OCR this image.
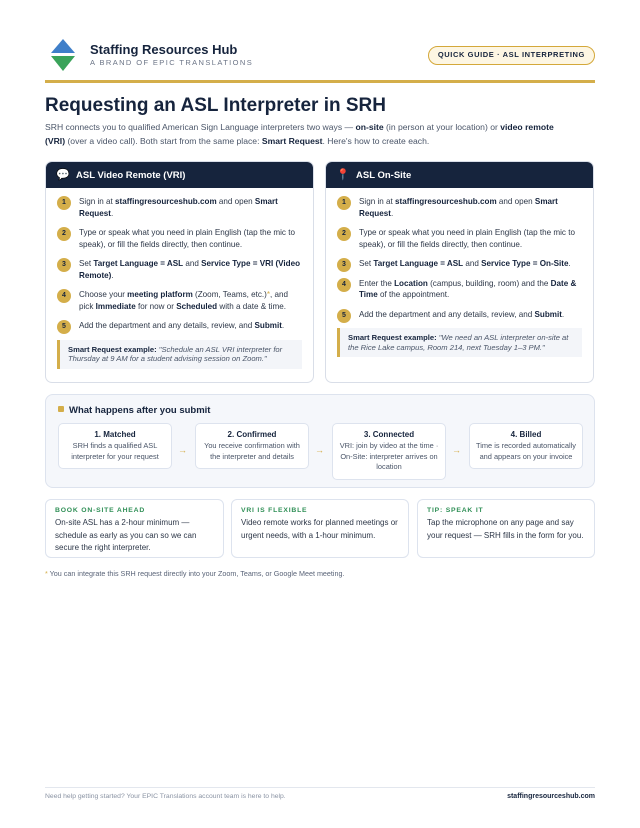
Staffing Resources Hub
A BRAND OF EPIC TRANSLATIONS
QUICK GUIDE · ASL INTERPRETING
Requesting an ASL Interpreter in SRH

SRH connects you to qualified American Sign Language interpreters two ways — on-site (in person at your location) or video remote (VRI) (over a video call). Both start from the same place: Smart Request. Here's how to create each.

💬 ASL Video Remote (VRI)
1	Sign in at staffingresourceshub.com and open Smart Request.
2	Type or speak what you need in plain English (tap the mic to speak), or fill the fields directly, then continue.
3	Set Target Language = ASL and Service Type = VRI (Video Remote).
4	Choose your meeting platform (Zoom, Teams, etc.)*, and pick Immediate for now or Scheduled with a date & time.
5	Add the department and any details, review, and Submit.
Smart Request example: "Schedule an ASL VRI interpreter for Thursday at 9 AM for a student advising session on Zoom."
📍 ASL On-Site
1	Sign in at staffingresourceshub.com and open Smart Request.
2	Type or speak what you need in plain English (tap the mic to speak), or fill the fields directly, then continue.
3	Set Target Language = ASL and Service Type = On-Site.
4	Enter the Location (campus, building, room) and the Date & Time of the appointment.
5	Add the department and any details, review, and Submit.
Smart Request example: "We need an ASL interpreter on-site at the Rice Lake campus, Room 214, next Tuesday 1–3 PM."
What happens after you submit
1. Matched
SRH finds a qualified ASL interpreter for your request
→
2. Confirmed
You receive confirmation with the interpreter and details
→
3. Connected
VRI: join by video at the time · On-Site: interpreter arrives on location
→
4. Billed
Time is recorded automatically and appears on your invoice
BOOK ON-SITE AHEAD
On-site ASL has a 2-hour minimum — schedule as early as you can so we can secure the right interpreter.
VRI IS FLEXIBLE
Video remote works for planned meetings or urgent needs, with a 1-hour minimum.
TIP: SPEAK IT
Tap the microphone on any page and say your request — SRH fills in the form for you.
* You can integrate this SRH request directly into your Zoom, Teams, or Google Meet meeting.
Need help getting started? Your EPIC Translations account team is here to help.	staffingresourceshub.com
